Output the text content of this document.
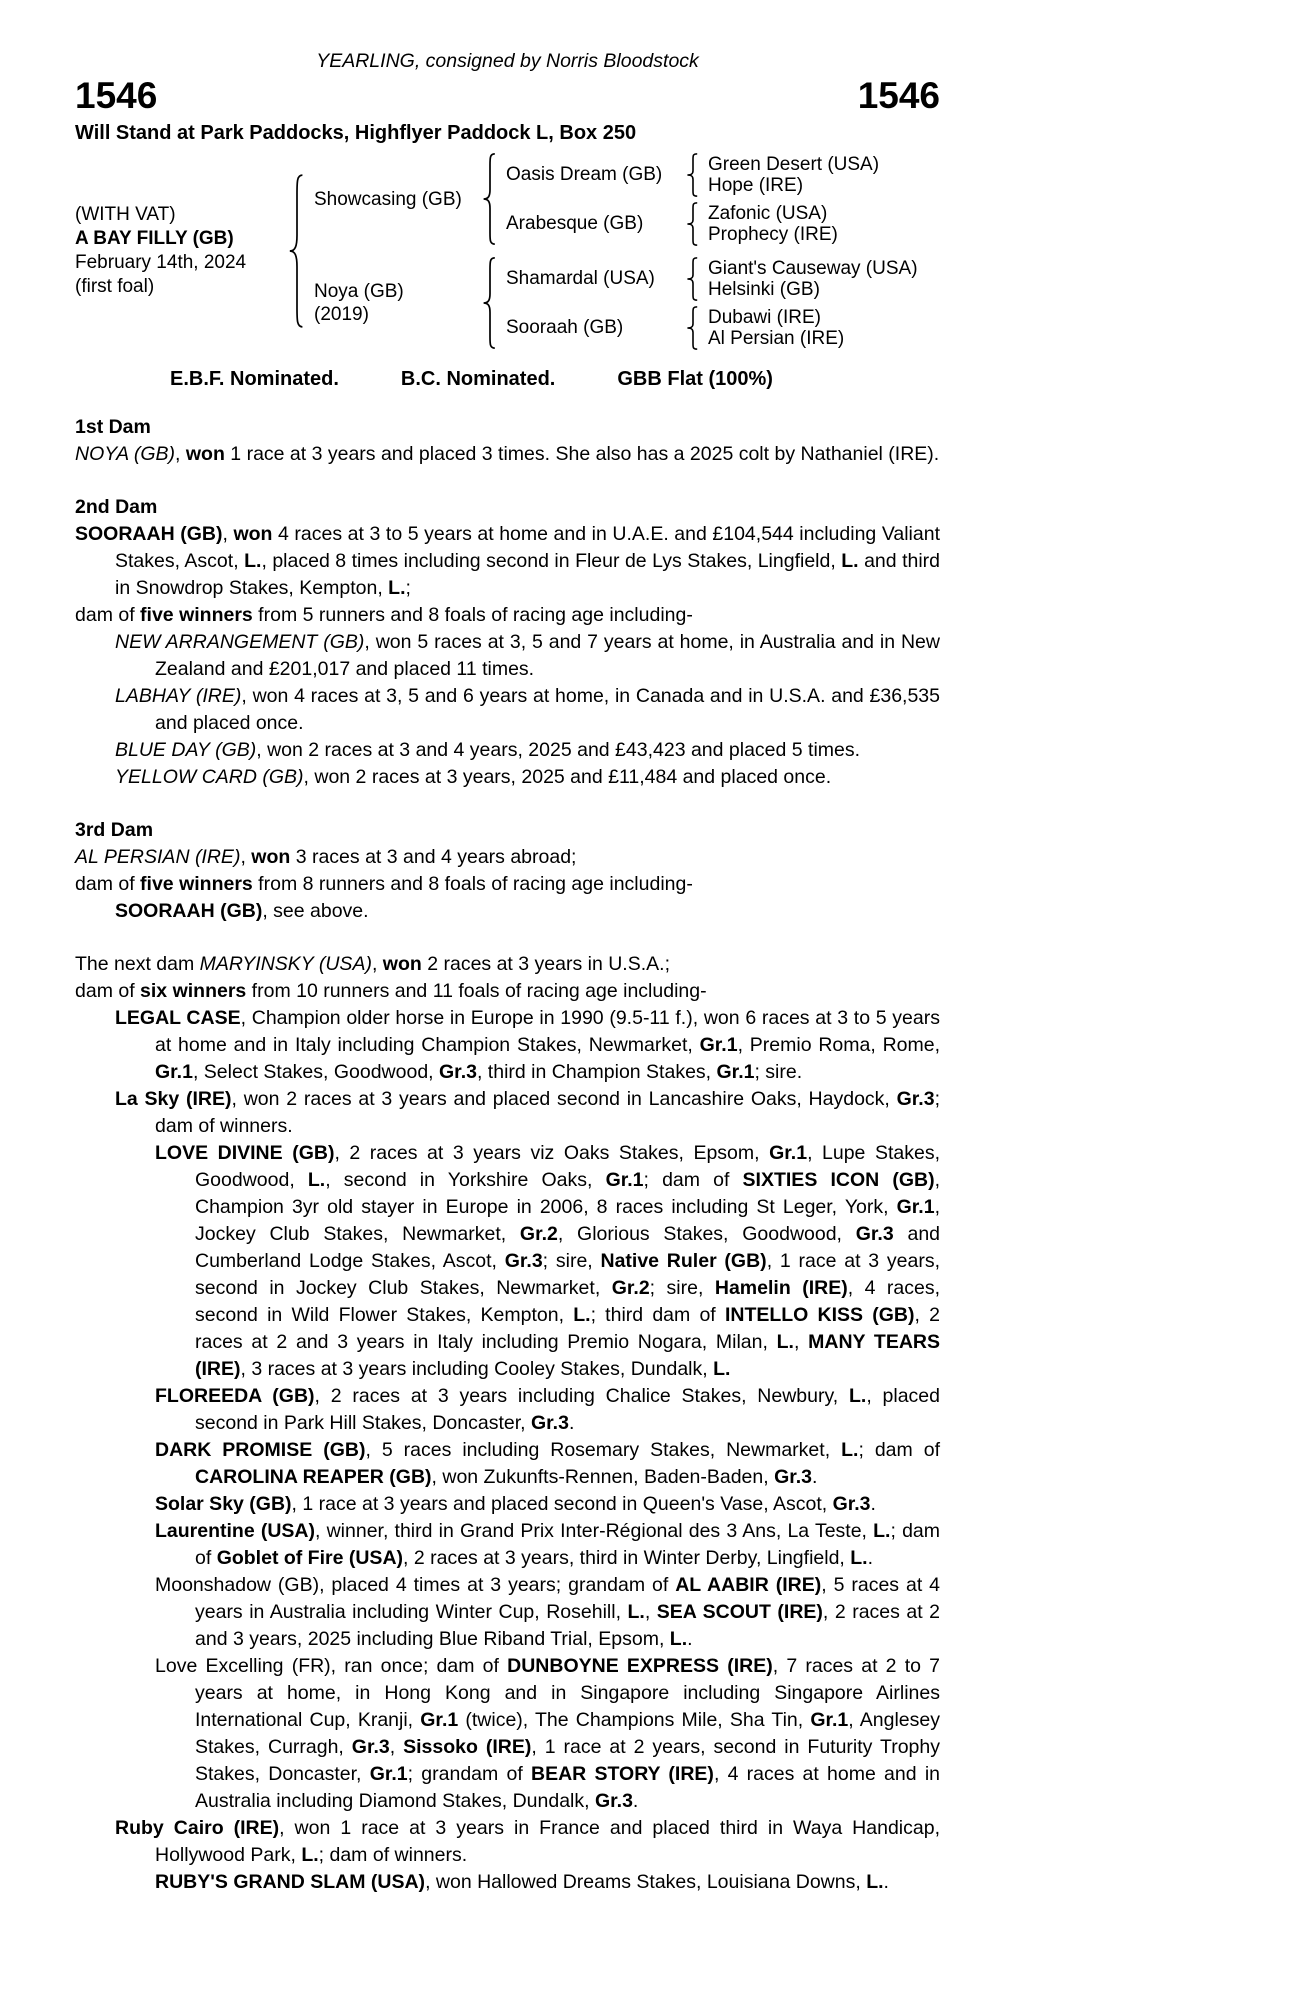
YEARLING, consigned by Norris Bloodstock
1546	1546
Will Stand at Park Paddocks, Highflyer Paddock L, Box 250
(WITH VAT)
A BAY FILLY (GB)
February 14th, 2024
(first foal)
Showcasing (GB)
Oasis Dream (GB)	Green Desert (USA)
Hope (IRE)
Arabesque (GB)	Zafonic (USA)
Prophecy (IRE)
Noya (GB)
(2019)
Shamardal (USA)	Giant's Causeway (USA)
Helsinki (GB)
Sooraah (GB)	Dubawi (IRE)
Al Persian (IRE)
E.B.F. Nominated.	B.C. Nominated.	GBB Flat (100%)
1st Dam
NOYA (GB), won 1 race at 3 years and placed 3 times. She also has a 2025 colt by Nathaniel (IRE).
2nd Dam
SOORAAH (GB), won 4 races at 3 to 5 years at home and in U.A.E. and £104,544 including Valiant Stakes, Ascot, L., placed 8 times including second in Fleur de Lys Stakes, Lingfield, L. and third in Snowdrop Stakes, Kempton, L.;
dam of five winners from 5 runners and 8 foals of racing age including-
NEW ARRANGEMENT (GB), won 5 races at 3, 5 and 7 years at home, in Australia and in New Zealand and £201,017 and placed 11 times.
LABHAY (IRE), won 4 races at 3, 5 and 6 years at home, in Canada and in U.S.A. and £36,535 and placed once.
BLUE DAY (GB), won 2 races at 3 and 4 years, 2025 and £43,423 and placed 5 times.
YELLOW CARD (GB), won 2 races at 3 years, 2025 and £11,484 and placed once.
3rd Dam
AL PERSIAN (IRE), won 3 races at 3 and 4 years abroad;
dam of five winners from 8 runners and 8 foals of racing age including-
SOORAAH (GB), see above.
The next dam MARYINSKY (USA), won 2 races at 3 years in U.S.A.;
dam of six winners from 10 runners and 11 foals of racing age including-
LEGAL CASE, Champion older horse in Europe in 1990 (9.5-11 f.), won 6 races at 3 to 5 years at home and in Italy including Champion Stakes, Newmarket, Gr.1, Premio Roma, Rome, Gr.1, Select Stakes, Goodwood, Gr.3, third in Champion Stakes, Gr.1; sire.
La Sky (IRE), won 2 races at 3 years and placed second in Lancashire Oaks, Haydock, Gr.3; dam of winners.
LOVE DIVINE (GB), 2 races at 3 years viz Oaks Stakes, Epsom, Gr.1, Lupe Stakes, Goodwood, L., second in Yorkshire Oaks, Gr.1; dam of SIXTIES ICON (GB), Champion 3yr old stayer in Europe in 2006, 8 races including St Leger, York, Gr.1, Jockey Club Stakes, Newmarket, Gr.2, Glorious Stakes, Goodwood, Gr.3 and Cumberland Lodge Stakes, Ascot, Gr.3; sire, Native Ruler (GB), 1 race at 3 years, second in Jockey Club Stakes, Newmarket, Gr.2; sire, Hamelin (IRE), 4 races, second in Wild Flower Stakes, Kempton, L.; third dam of INTELLO KISS (GB), 2 races at 2 and 3 years in Italy including Premio Nogara, Milan, L., MANY TEARS (IRE), 3 races at 3 years including Cooley Stakes, Dundalk, L.
FLOREEDA (GB), 2 races at 3 years including Chalice Stakes, Newbury, L., placed second in Park Hill Stakes, Doncaster, Gr.3.
DARK PROMISE (GB), 5 races including Rosemary Stakes, Newmarket, L.; dam of CAROLINA REAPER (GB), won Zukunfts-Rennen, Baden-Baden, Gr.3.
Solar Sky (GB), 1 race at 3 years and placed second in Queen's Vase, Ascot, Gr.3.
Laurentine (USA), winner, third in Grand Prix Inter-Régional des 3 Ans, La Teste, L.; dam of Goblet of Fire (USA), 2 races at 3 years, third in Winter Derby, Lingfield, L..
Moonshadow (GB), placed 4 times at 3 years; grandam of AL AABIR (IRE), 5 races at 4 years in Australia including Winter Cup, Rosehill, L., SEA SCOUT (IRE), 2 races at 2 and 3 years, 2025 including Blue Riband Trial, Epsom, L..
Love Excelling (FR), ran once; dam of DUNBOYNE EXPRESS (IRE), 7 races at 2 to 7 years at home, in Hong Kong and in Singapore including Singapore Airlines International Cup, Kranji, Gr.1 (twice), The Champions Mile, Sha Tin, Gr.1, Anglesey Stakes, Curragh, Gr.3, Sissoko (IRE), 1 race at 2 years, second in Futurity Trophy Stakes, Doncaster, Gr.1; grandam of BEAR STORY (IRE), 4 races at home and in Australia including Diamond Stakes, Dundalk, Gr.3.
Ruby Cairo (IRE), won 1 race at 3 years in France and placed third in Waya Handicap, Hollywood Park, L.; dam of winners.
RUBY'S GRAND SLAM (USA), won Hallowed Dreams Stakes, Louisiana Downs, L..
